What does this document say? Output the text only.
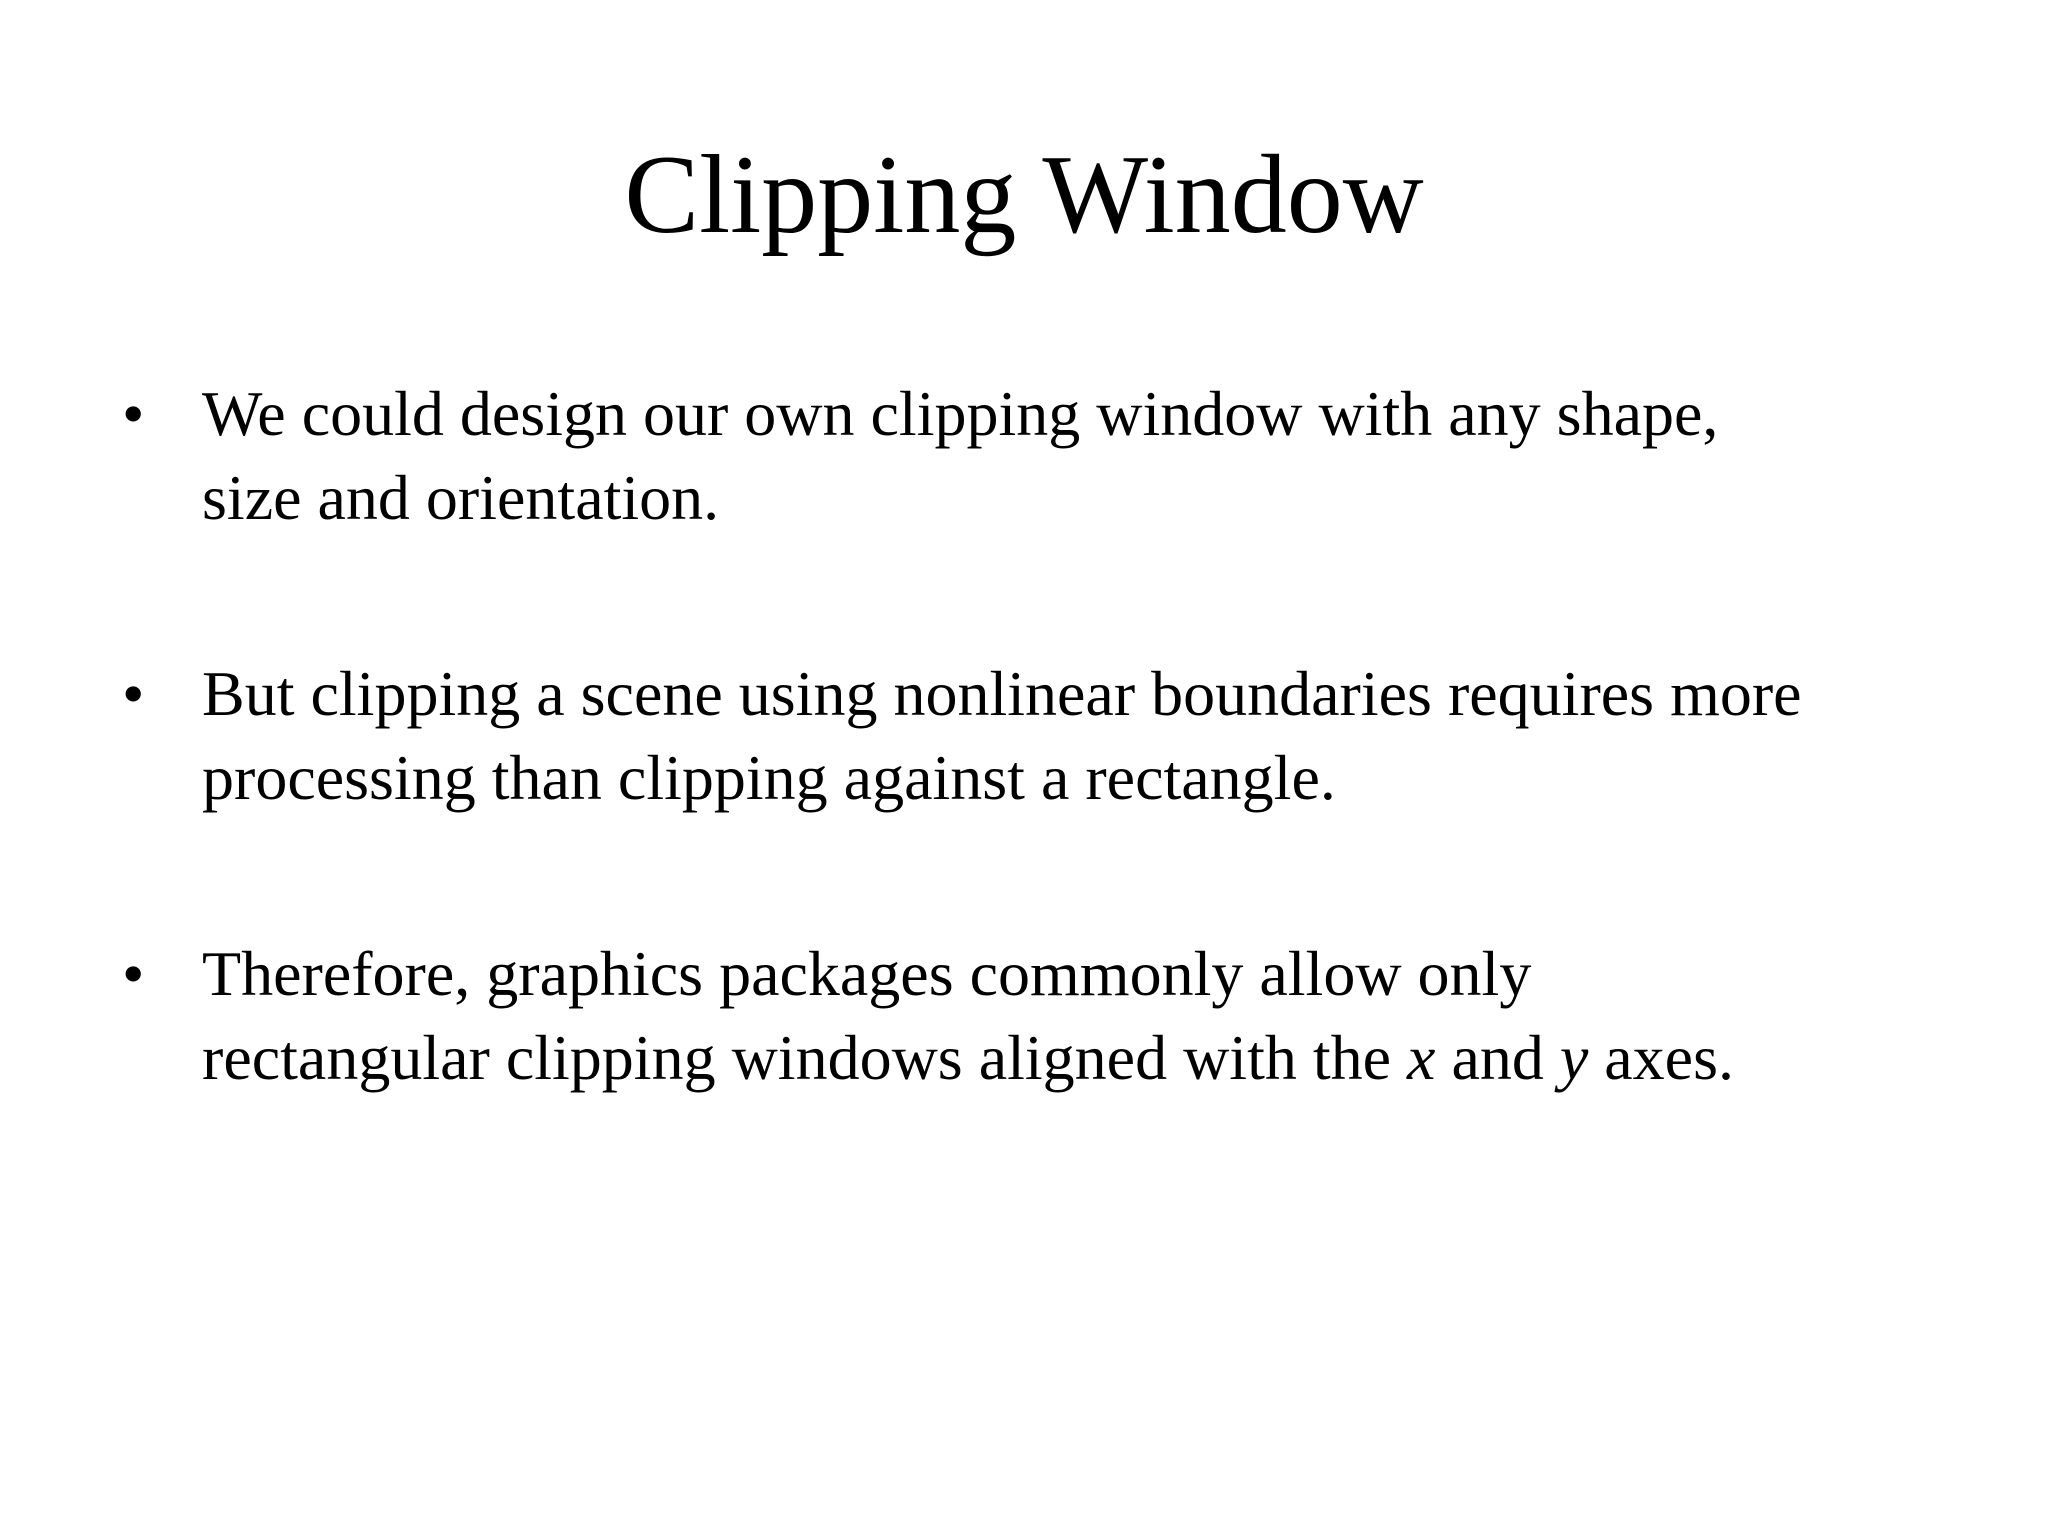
Clipping Window
• We could design our own clipping window with any shape,
size and orientation.
• But clipping a scene using nonlinear boundaries requires more
processing than clipping against a rectangle.
• Therefore, graphics packages commonly allow only
rectangular clipping windows aligned with the x and y axes.
